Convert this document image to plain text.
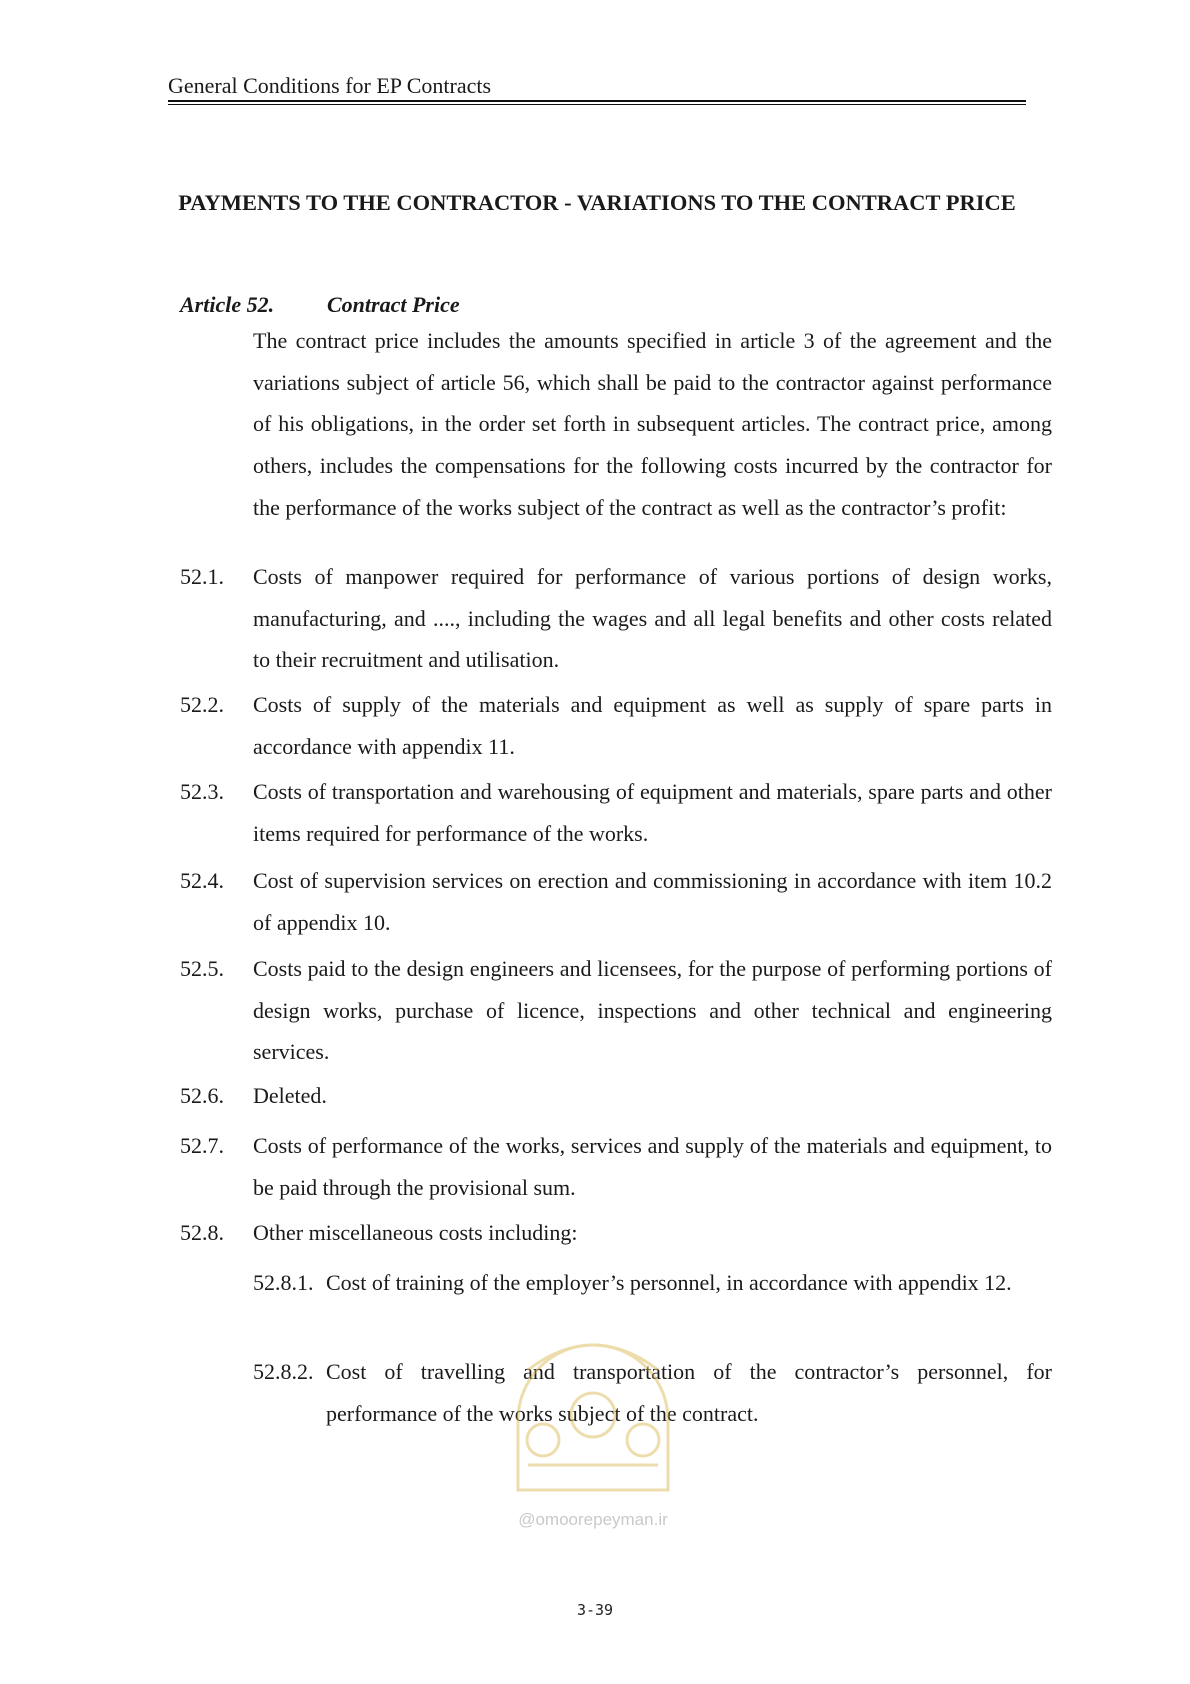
General Conditions for EP Contracts
PAYMENTS TO THE CONTRACTOR - VARIATIONS TO THE CONTRACT PRICE
Article 52. Contract Price
The contract price includes the amounts specified in article 3 of the agreement and the variations subject of article 56, which shall be paid to the contractor against performance of his obligations, in the order set forth in subsequent articles. The contract price, among others, includes the compensations for the following costs incurred by the contractor for the performance of the works subject of the contract as well as the contractor’s profit:
52.1. Costs of manpower required for performance of various portions of design works, manufacturing, and ...., including the wages and all legal benefits and other costs related to their recruitment and utilisation.
52.2. Costs of supply of the materials and equipment as well as supply of spare parts in accordance with appendix 11.
52.3. Costs of transportation and warehousing of equipment and materials, spare parts and other items required for performance of the works.
52.4. Cost of supervision services on erection and commissioning in accordance with item 10.2 of appendix 10.
52.5. Costs paid to the design engineers and licensees, for the purpose of performing portions of design works, purchase of licence, inspections and other technical and engineering services.
52.6. Deleted.
52.7. Costs of performance of the works, services and supply of the materials and equipment, to be paid through the provisional sum.
52.8. Other miscellaneous costs including:
52.8.1. Cost of training of the employer’s personnel, in accordance with appendix 12.
52.8.2. Cost of travelling and transportation of the contractor’s personnel, for performance of the works subject of the contract.
@omoorepeyman.ir
3-39
